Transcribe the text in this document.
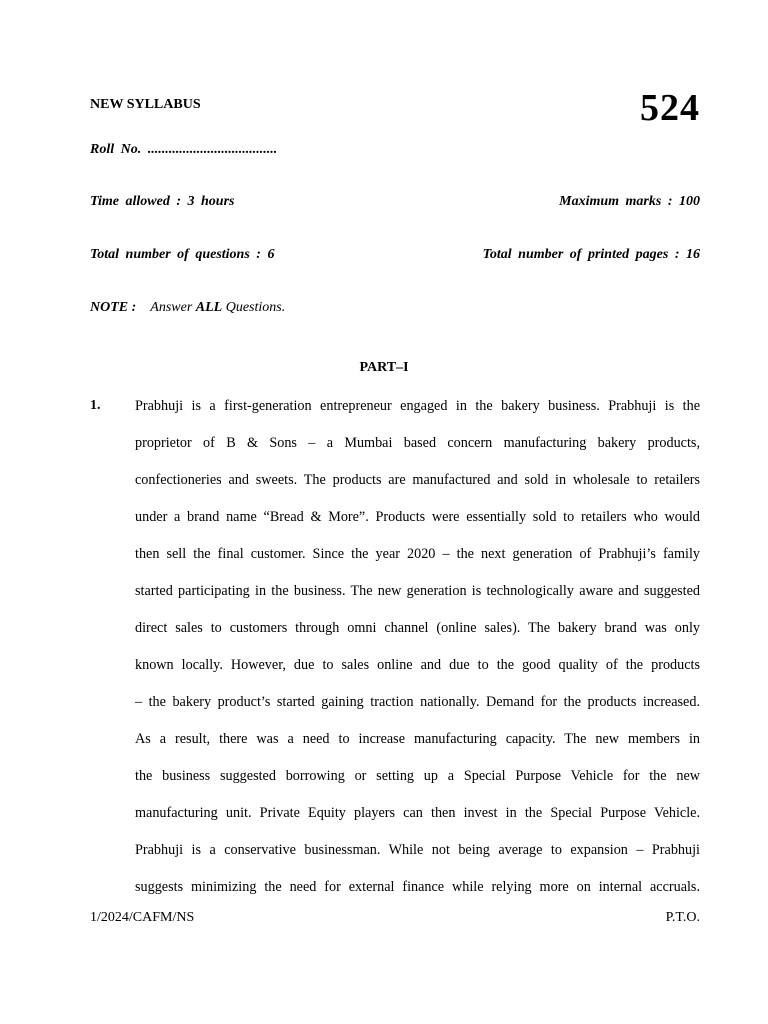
NEW SYLLABUS	524
Roll No. .....................................
Time allowed : 3 hours	Maximum marks : 100
Total number of questions : 6	Total number of printed pages : 16
NOTE : Answer ALL Questions.
PART–I
1. Prabhuji is a first-generation entrepreneur engaged in the bakery business. Prabhuji is the
proprietor of B & Sons – a Mumbai based concern manufacturing bakery products,
confectioneries and sweets. The products are manufactured and sold in wholesale to retailers
under a brand name “Bread & More”. Products were essentially sold to retailers who would
then sell the final customer. Since the year 2020 – the next generation of Prabhuji’s family
started participating in the business. The new generation is technologically aware and suggested
direct sales to customers through omni channel (online sales). The bakery brand was only
known locally. However, due to sales online and due to the good quality of the products
– the bakery product’s started gaining traction nationally. Demand for the products increased.
As a result, there was a need to increase manufacturing capacity. The new members in
the business suggested borrowing or setting up a Special Purpose Vehicle for the new
manufacturing unit. Private Equity players can then invest in the Special Purpose Vehicle.
Prabhuji is a conservative businessman. While not being average to expansion – Prabhuji
suggests minimizing the need for external finance while relying more on internal accruals.
1/2024/CAFM/NS	P.T.O.
